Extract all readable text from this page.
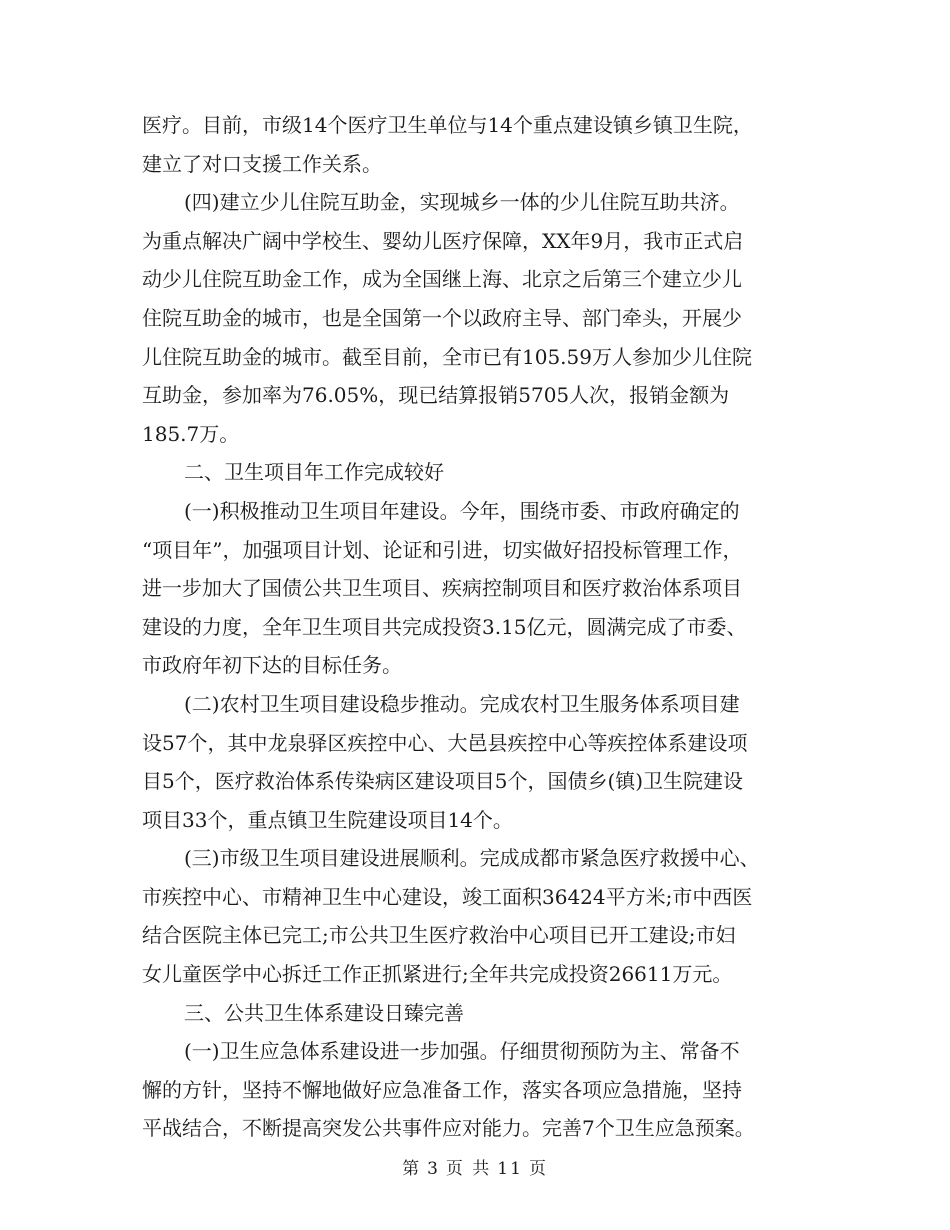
医疗。目前，市级14个医疗卫生单位与14个重点建设镇乡镇卫生院，
建立了对口支援工作关系。
(四)建立少儿住院互助金，实现城乡一体的少儿住院互助共济。
为重点解决广阔中学校生、婴幼儿医疗保障，XX年9月，我市正式启
动少儿住院互助金工作，成为全国继上海、北京之后第三个建立少儿
住院互助金的城市，也是全国第一个以政府主导、部门牵头，开展少
儿住院互助金的城市。截至目前，全市已有105.59万人参加少儿住院
互助金，参加率为76.05%，现已结算报销5705人次，报销金额为
185.7万。
二、卫生项目年工作完成较好
(一)积极推动卫生项目年建设。今年，围绕市委、市政府确定的
“项目年”，加强项目计划、论证和引进，切实做好招投标管理工作，
进一步加大了国债公共卫生项目、疾病控制项目和医疗救治体系项目
建设的力度，全年卫生项目共完成投资3.15亿元，圆满完成了市委、
市政府年初下达的目标任务。
(二)农村卫生项目建设稳步推动。完成农村卫生服务体系项目建
设57个，其中龙泉驿区疾控中心、大邑县疾控中心等疾控体系建设项
目5个，医疗救治体系传染病区建设项目5个，国债乡(镇)卫生院建设
项目33个，重点镇卫生院建设项目14个。
(三)市级卫生项目建设进展顺利。完成成都市紧急医疗救援中心、
市疾控中心、市精神卫生中心建设，竣工面积36424平方米;市中西医
结合医院主体已完工;市公共卫生医疗救治中心项目已开工建设;市妇
女儿童医学中心拆迁工作正抓紧进行;全年共完成投资26611万元。
三、公共卫生体系建设日臻完善
(一)卫生应急体系建设进一步加强。仔细贯彻预防为主、常备不
懈的方针，坚持不懈地做好应急准备工作，落实各项应急措施，坚持
平战结合，不断提高突发公共事件应对能力。完善7个卫生应急预案。
第 3 页 共 11 页
